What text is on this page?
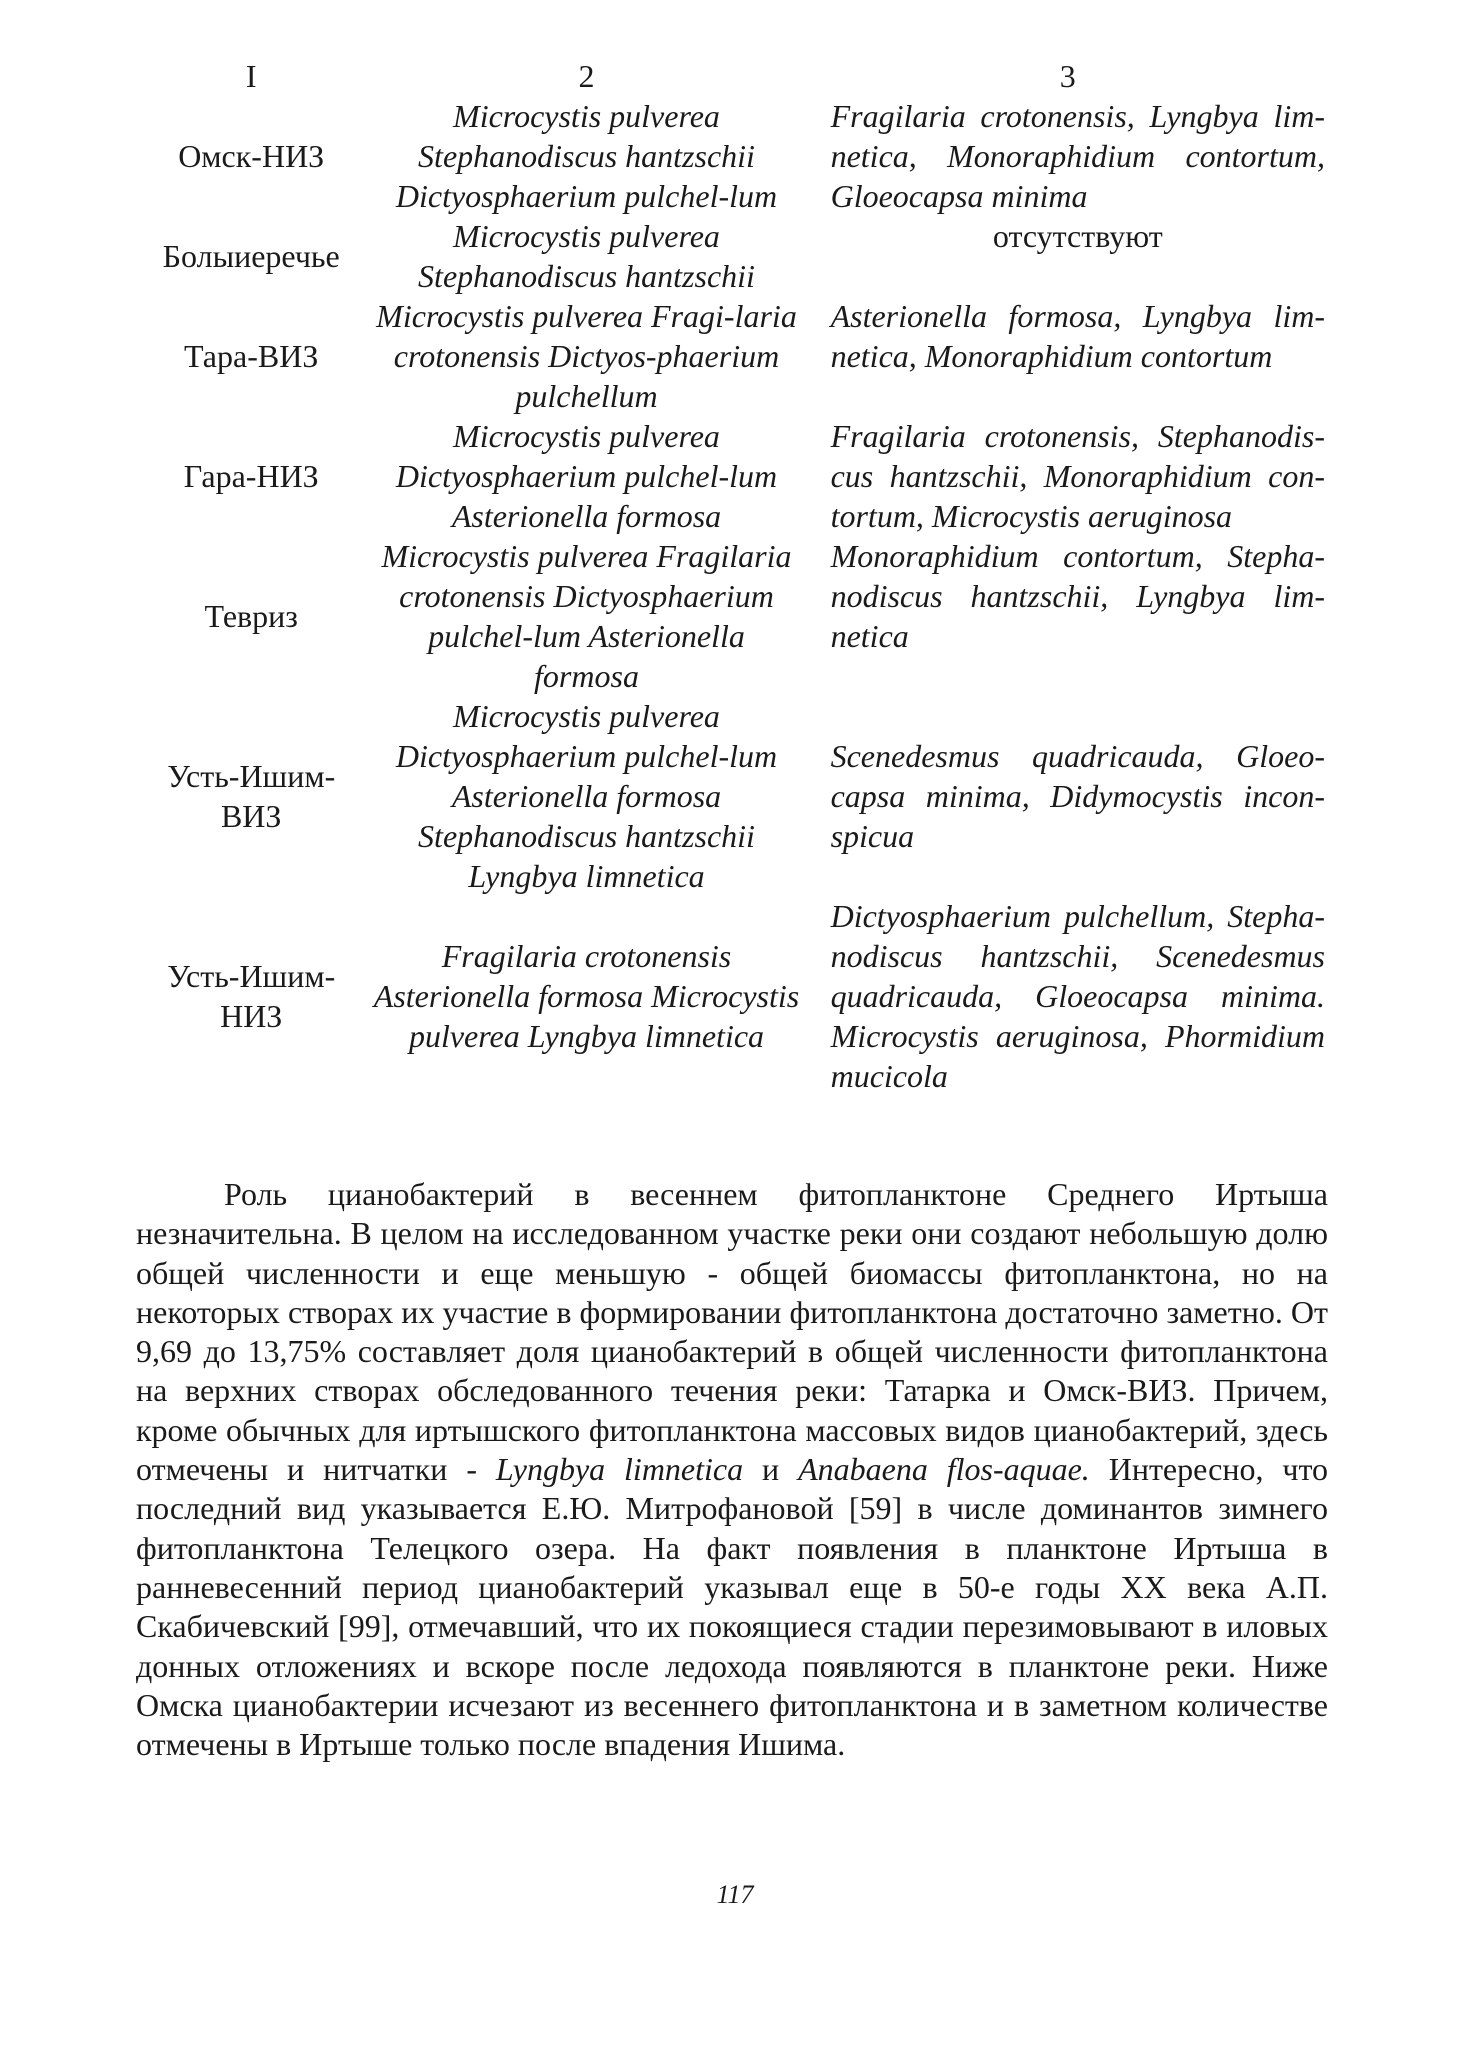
I	2	3
Омск-НИЗ	Microcystis pulverea Stephanodiscus hantzschii Dictyosphaerium pulchel-lum	Fragilaria crotonensis, Lyngbya lim-netica, Monoraphidium contortum, Gloeocapsa minima
Болыиеречье	Microcystis pulverea Stephanodiscus hantzschii	отсутствуют
Тара-ВИЗ	Microcystis pulverea Fragi-laria crotonensis Dictyos-phaerium pulchellum	Asterionella formosa, Lyngbya lim-netica, Monoraphidium contortum
Гара-НИЗ	Microcystis pulverea Dictyosphaerium pulchel-lum Asterionella formosa	Fragilaria crotonensis, Stephanodis-cus hantzschii, Monoraphidium con-tortum, Microcystis aeruginosa
Тевриз	Microcystis pulverea Fragilaria crotonensis Dictyosphaerium pulchel-lum Asterionella formosa	Monoraphidium contortum, Stepha-nodiscus hantzschii, Lyngbya lim-netica
Усть-Ишим-ВИЗ	Microcystis pulverea Dictyosphaerium pulchel-lum Asterionella formosa Stephanodiscus hantzschii Lyngbya limnetica	Scenedesmus quadricauda, Gloeo-capsa minima, Didymocystis incon-spicua
Усть-Ишим-НИЗ	Fragilaria crotonensis Asterionella formosa Microcystis pulverea Lyngbya limnetica	Dictyosphaerium pulchellum, Stepha-nodiscus hantzschii, Scenedesmus quadricauda, Gloeocapsa minima. Microcystis aeruginosa, Phormidium mucicola

Роль цианобактерий в весеннем фитопланктоне Среднего Иртыша незначительна. В целом на исследованном участке реки они создают небольшую долю общей численности и еще меньшую - общей биомассы фитопланктона, но на некоторых створах их участие в формировании фитопланктона достаточно заметно. От 9,69 до 13,75% составляет доля цианобактерий в общей численности фитопланктона на верхних створах обследованного течения реки: Татарка и Омск-ВИЗ. Причем, кроме обычных для иртышского фитопланктона массовых видов цианобактерий, здесь отмечены и нитчатки - Lyngbya limnetica и Anabaena flos-aquae. Интересно, что последний вид указывается Е.Ю. Митрофановой [59] в числе доминантов зимнего фитопланктона Телецкого озера. На факт появления в планктоне Иртыша в ранневесенний период цианобактерий указывал еще в 50-е годы XX века А.П. Скабичевский [99], отмечавший, что их покоящиеся стадии перезимовывают в иловых донных отложениях и вскоре после ледохода появляются в планктоне реки. Ниже Омска цианобактерии исчезают из весеннего фитопланктона и в заметном количестве отмечены в Иртыше только после впадения Ишима.

117
